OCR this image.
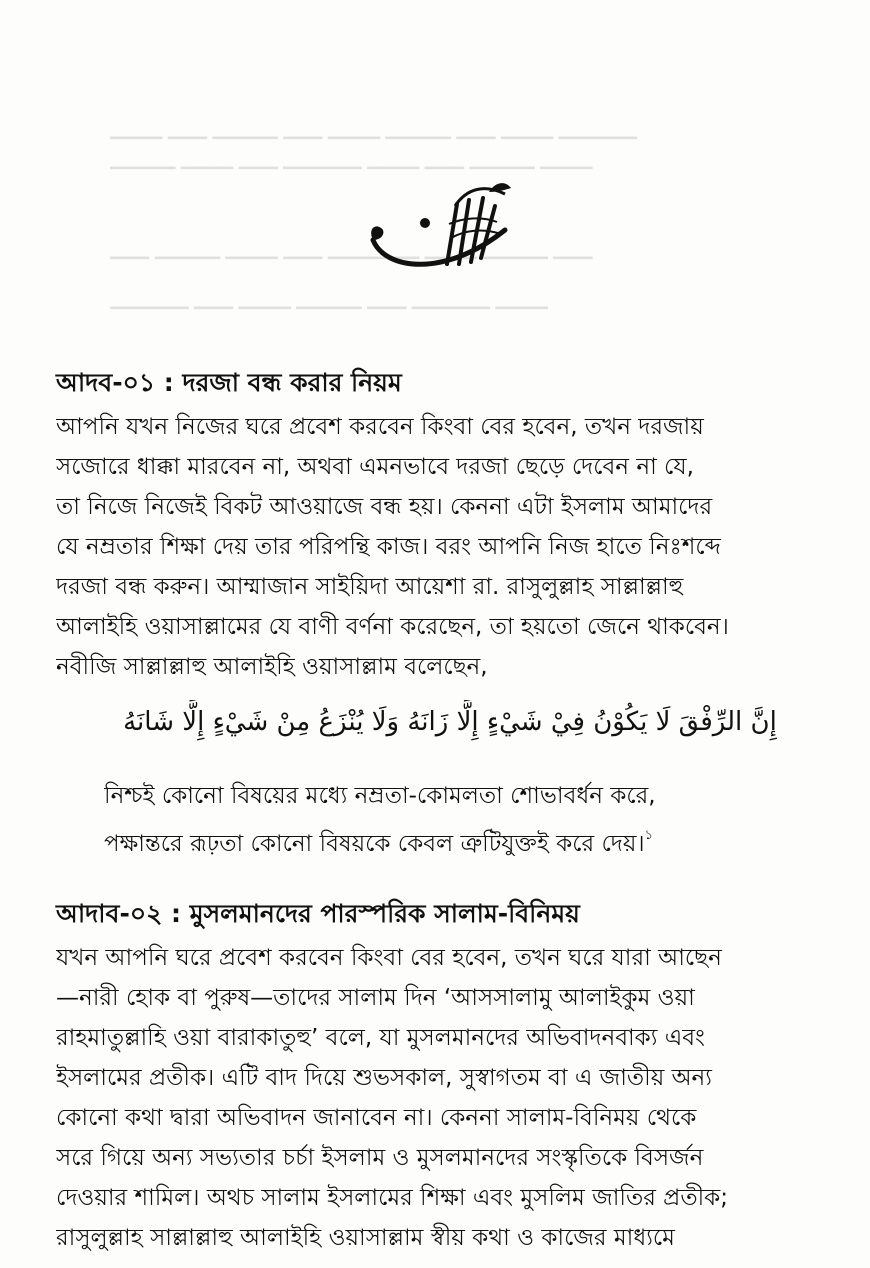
▁▁▁▁ ▁▁▁ ▁▁▁▁▁ ▁▁▁ ▁▁▁▁ ▁▁▁▁▁ ▁▁▁ ▁▁▁▁ ▁▁▁▁▁▁
▁▁▁▁▁ ▁▁▁▁ ▁▁▁ ▁▁▁▁▁▁ ▁▁▁▁ ▁▁▁ ▁▁▁▁▁ ▁▁▁▁
▁▁▁ ▁▁▁▁▁ ▁▁▁▁ ▁▁▁ ▁▁▁▁▁▁▁ ▁▁▁▁ ▁▁▁▁▁ ▁▁▁
▁▁▁▁▁▁ ▁▁▁ ▁▁▁▁ ▁▁▁▁▁ ▁▁▁ ▁▁▁▁▁▁ ▁▁▁▁
আদব-০১ : দরজা বন্ধ করার নিয়ম
আপনি যখন নিজের ঘরে প্রবেশ করবেন কিংবা বের হবেন, তখন দরজায়
সজোরে ধাক্কা মারবেন না, অথবা এমনভাবে দরজা ছেড়ে দেবেন না যে,
তা নিজে নিজেই বিকট আওয়াজে বন্ধ হয়। কেননা এটা ইসলাম আমাদের
যে নম্রতার শিক্ষা দেয় তার পরিপন্থি কাজ। বরং আপনি নিজ হাতে নিঃশব্দে
দরজা বন্ধ করুন। আম্মাজান সাইয়িদা আয়েশা রা. রাসুলুল্লাহ সাল্লাল্লাহু
আলাইহি ওয়াসাল্লামের যে বাণী বর্ণনা করেছেন, তা হয়তো জেনে থাকবেন।
নবীজি সাল্লাল্লাহু আলাইহি ওয়াসাল্লাম বলেছেন,
إِنَّ الرِّفْقَ لَا يَكُوْنُ فِيْ شَيْءٍ إِلَّا زَانَهُ وَلَا يُنْزَعُ مِنْ شَيْءٍ إِلَّا شَانَهُ
নিশ্চই কোনো বিষয়ের মধ্যে নম্রতা-কোমলতা শোভাবর্ধন করে,
পক্ষান্তরে রূঢ়তা কোনো বিষয়কে কেবল ত্রুটিযুক্তই করে দেয়।$^১$
আদাব-০২ : মুসলমানদের পারস্পরিক সালাম-বিনিময়
যখন আপনি ঘরে প্রবেশ করবেন কিংবা বের হবেন, তখন ঘরে যারা আছেন
—নারী হোক বা পুরুষ—তাদের সালাম দিন ‘আসসালামু আলাইকুম ওয়া
রাহমাতুল্লাহি ওয়া বারাকাতুহু’ বলে, যা মুসলমানদের অভিবাদনবাক্য এবং
ইসলামের প্রতীক। এটি বাদ দিয়ে শুভসকাল, সুস্বাগতম বা এ জাতীয় অন্য
কোনো কথা দ্বারা অভিবাদন জানাবেন না। কেননা সালাম-বিনিময় থেকে
সরে গিয়ে অন্য সভ্যতার চর্চা ইসলাম ও মুসলমানদের সংস্কৃতিকে বিসর্জন
দেওয়ার শামিল। অথচ সালাম ইসলামের শিক্ষা এবং মুসলিম জাতির প্রতীক;
রাসুলুল্লাহ সাল্লাল্লাহু আলাইহি ওয়াসাল্লাম স্বীয় কথা ও কাজের মাধ্যমে
